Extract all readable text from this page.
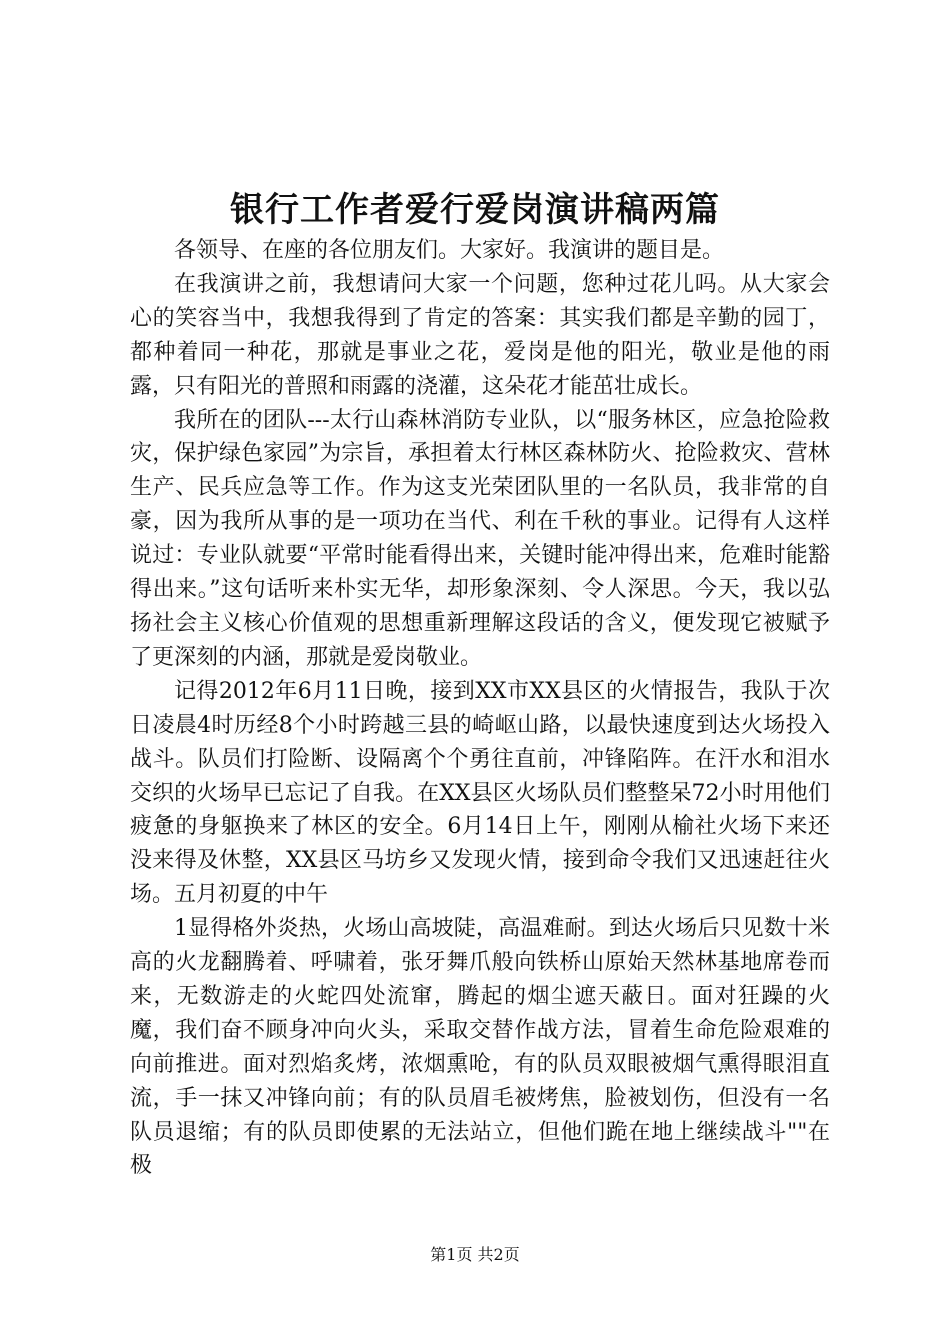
银行工作者爱行爱岗演讲稿两篇

各领导、在座的各位朋友们。大家好。我演讲的题目是。

在我演讲之前，我想请问大家一个问题，您种过花儿吗。从大家会心的笑容当中，我想我得到了肯定的答案：其实我们都是辛勤的园丁，都种着同一种花，那就是事业之花，爱岗是他的阳光，敬业是他的雨露，只有阳光的普照和雨露的浇灌，这朵花才能茁壮成长。

我所在的团队---太行山森林消防专业队，以“服务林区，应急抢险救灾，保护绿色家园”为宗旨，承担着太行林区森林防火、抢险救灾、营林生产、民兵应急等工作。作为这支光荣团队里的一名队员，我非常的自豪，因为我所从事的是一项功在当代、利在千秋的事业。记得有人这样说过：专业队就要“平常时能看得出来，关键时能冲得出来，危难时能豁得出来。”这句话听来朴实无华，却形象深刻、令人深思。今天，我以弘扬社会主义核心价值观的思想重新理解这段话的含义，便发现它被赋予了更深刻的内涵，那就是爱岗敬业。

记得2012年6月11日晚，接到XX市XX县区的火情报告，我队于次日凌晨4时历经8个小时跨越三县的崎岖山路，以最快速度到达火场投入战斗。队员们打险断、设隔离个个勇往直前，冲锋陷阵。在汗水和泪水交织的火场早已忘记了自我。在XX县区火场队员们整整呆72小时用他们疲惫的身躯换来了林区的安全。6月14日上午，刚刚从榆社火场下来还没来得及休整，XX县区马坊乡又发现火情，接到命令我们又迅速赶往火场。五月初夏的中午

1显得格外炎热，火场山高坡陡，高温难耐。到达火场后只见数十米高的火龙翻腾着、呼啸着，张牙舞爪般向铁桥山原始天然林基地席卷而来，无数游走的火蛇四处流窜，腾起的烟尘遮天蔽日。面对狂躁的火魔，我们奋不顾身冲向火头，采取交替作战方法，冒着生命危险艰难的向前推进。面对烈焰炙烤，浓烟熏呛，有的队员双眼被烟气熏得眼泪直流，手一抹又冲锋向前；有的队员眉毛被烤焦，脸被划伤，但没有一名队员退缩；有的队员即使累的无法站立，但他们跪在地上继续战斗""在极

第1页 共2页
